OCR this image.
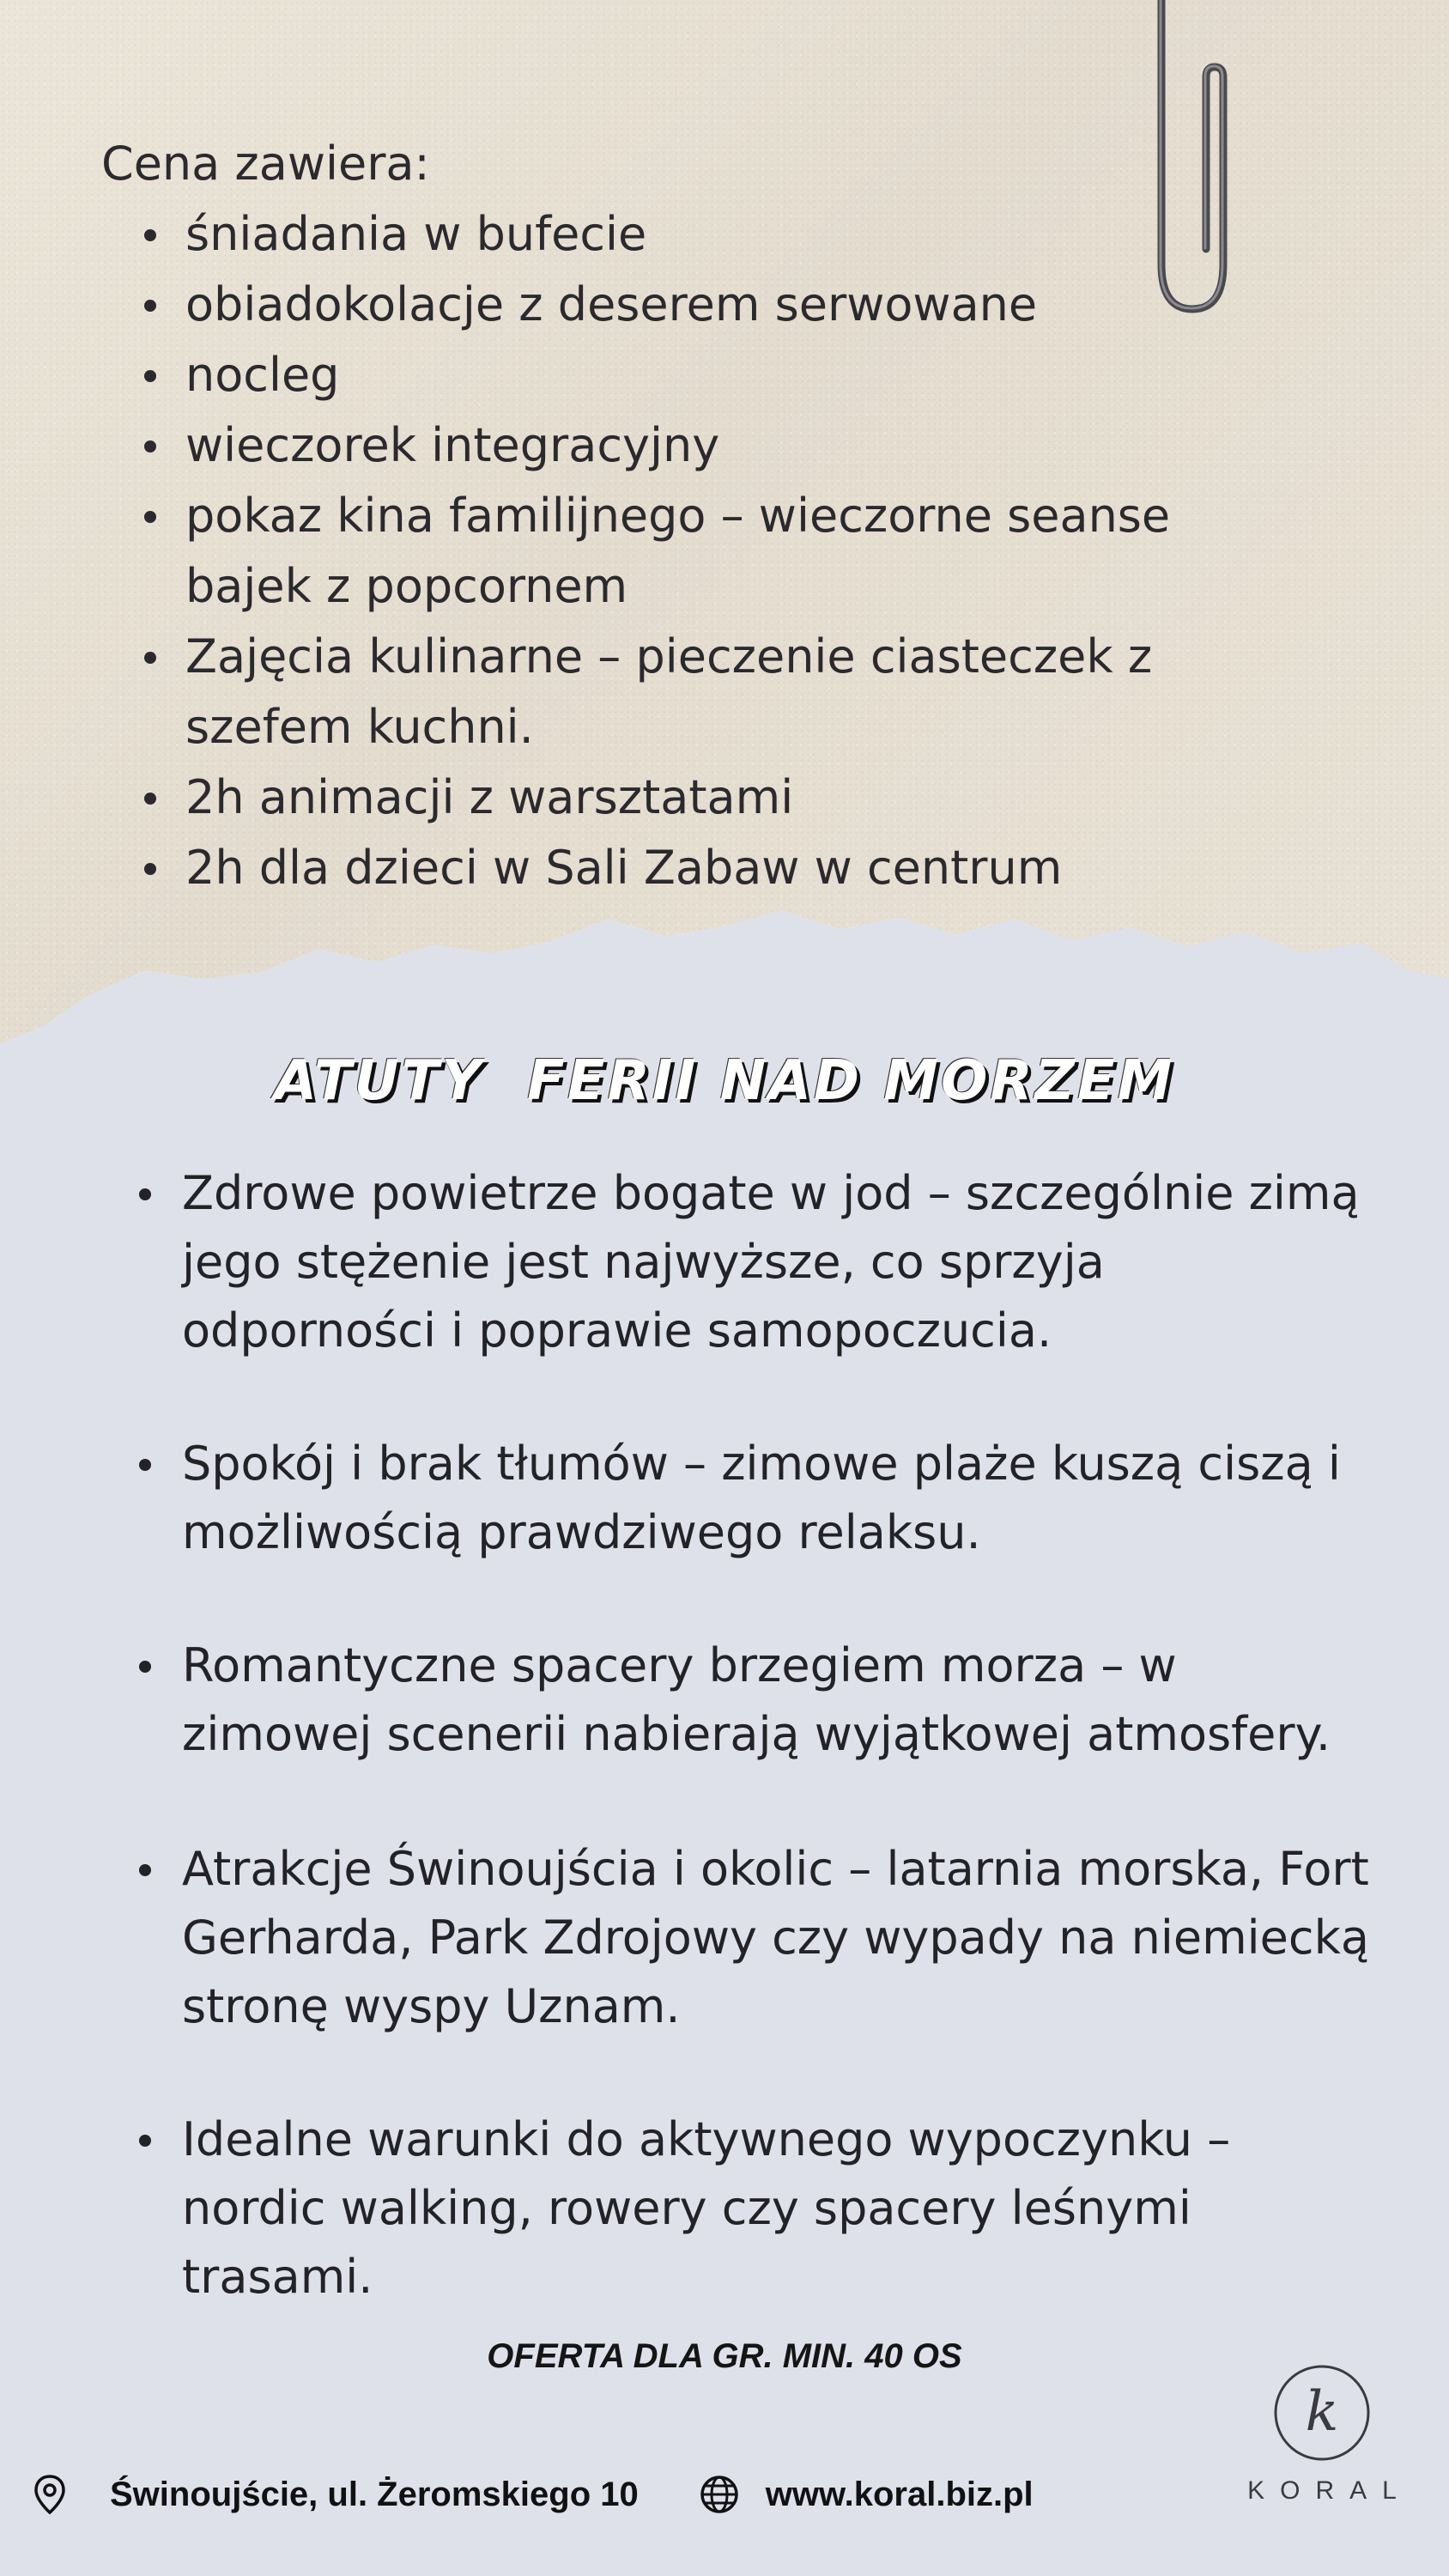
Cena zawiera:

śniadania w bufecie
obiadokolacje z deserem serwowane
nocleg
wieczorek integracyjny
pokaz kina familijnego – wieczorne seanse bajek z popcornem
Zajęcia kulinarne – pieczenie ciasteczek z szefem kuchni.
2h animacji z warsztatami
2h dla dzieci w Sali Zabaw w centrum
ATUTY  FERII NAD MORZEM
Zdrowe powietrze bogate w jod – szczególnie zimą jego stężenie jest najwyższe, co sprzyja odporności i poprawie samopoczucia.
Spokój i brak tłumów – zimowe plaże kuszą ciszą i możliwością prawdziwego relaksu.
Romantyczne spacery brzegiem morza – w zimowej scenerii nabierają wyjątkowej atmosfery.
Atrakcje Świnoujścia i okolic – latarnia morska, Fort Gerharda, Park Zdrojowy czy wypady na niemiecką stronę wyspy Uznam.
Idealne warunki do aktywnego wypoczynku – nordic walking, rowery czy spacery leśnymi trasami.

OFERTA DLA GR. MIN. 40 OS

Świnoujście, ul. Żeromskiego 10	www.koral.biz.pl
k
KORAL
